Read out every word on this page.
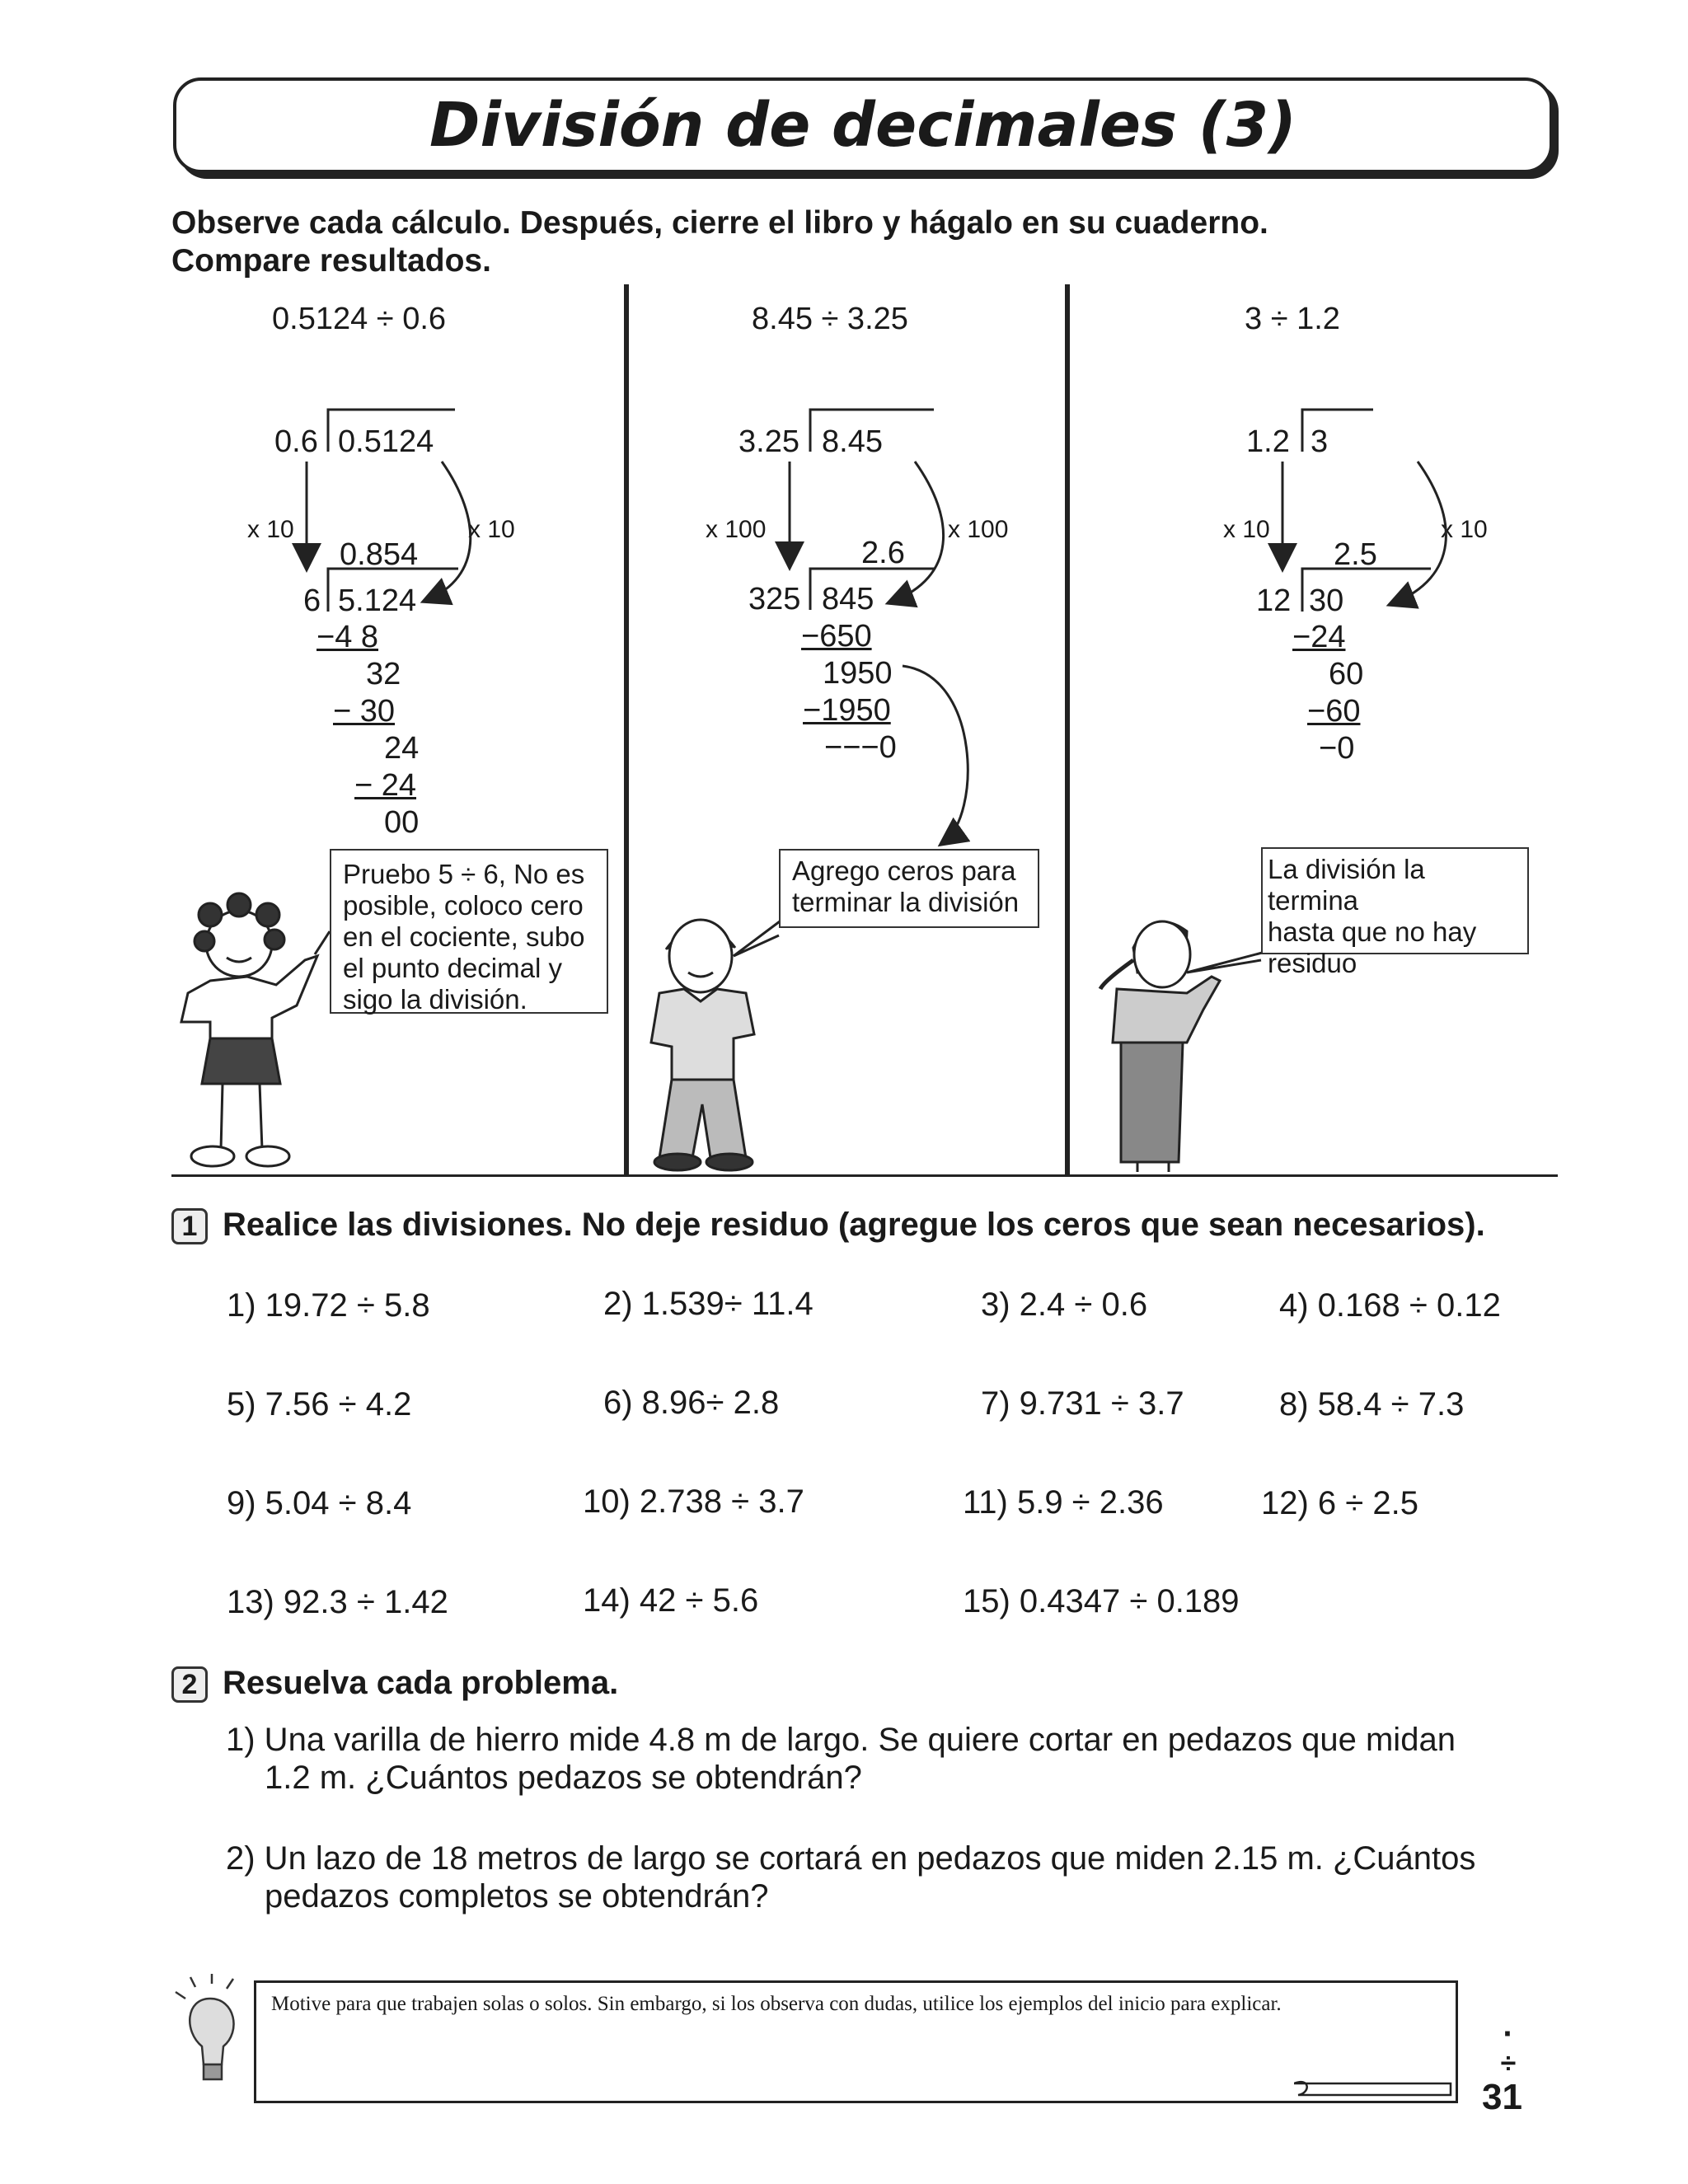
División de decimales (3)
Observe cada cálculo. Después, cierre el libro y hágalo en su cuaderno.
Compare resultados.
0.5124 ÷ 0.6
0.6 0.5124
x 10	x 10
0.854
6 5.124
−4 8
32
− 30
24
− 24
00
8.45 ÷ 3.25
3.25 8.45
x 100	x 100
2.6
325 845
−650
1950
−1950
−−−0
3 ÷ 1.2
1.2 3
x 10	x 10
2.5
12 30
−24
60
−60
−0
Pruebo 5 ÷ 6, No es
posible, coloco cero
en el cociente, subo
el punto decimal y
sigo la división.
Agrego ceros para
terminar la división
La división la termina
hasta que no hay
residuo
1 Realice las divisiones. No deje residuo (agregue los ceros que sean necesarios).
1) 19.72 ÷ 5.8	2) 1.539÷ 11.4	3) 2.4 ÷ 0.6	4) 0.168 ÷ 0.12
5) 7.56 ÷ 4.2	6) 8.96÷ 2.8	7) 9.731 ÷ 3.7	8) 58.4 ÷ 7.3
9) 5.04 ÷ 8.4	10) 2.738 ÷ 3.7	11) 5.9 ÷ 2.36	12) 6 ÷ 2.5
13) 92.3 ÷ 1.42	14) 42 ÷ 5.6	15) 0.4347 ÷ 0.189
2 Resuelva cada problema.
1) Una varilla de hierro mide 4.8 m de largo. Se quiere cortar en pedazos que midan
1.2 m. ¿Cuántos pedazos se obtendrán?
2) Un lazo de 18 metros de largo se cortará en pedazos que miden 2.15 m. ¿Cuántos
pedazos completos se obtendrán?
Motive para que trabajen solas o solos. Sin embargo, si los observa con dudas, utilice los ejemplos del inicio para explicar.
·
÷
31
